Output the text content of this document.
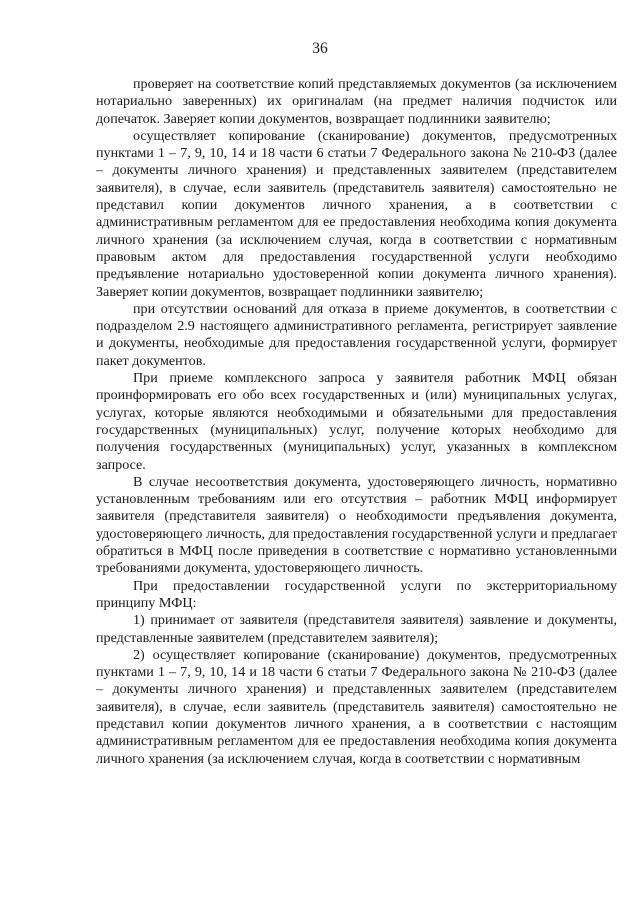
36

проверяет на соответствие копий представляемых документов (за исключением нотариально заверенных) их оригиналам (на предмет наличия подчисток или допечаток. Заверяет копии документов, возвращает подлинники заявителю;

осуществляет копирование (сканирование) документов, предусмотренных пунктами 1 – 7, 9, 10, 14 и 18 части 6 статьи 7 Федерального закона № 210-ФЗ (далее – документы личного хранения) и представленных заявителем (представителем заявителя), в случае, если заявитель (представитель заявителя) самостоятельно не представил копии документов личного хранения, а в соответствии с административным регламентом для ее предоставления необходима копия документа личного хранения (за исключением случая, когда в соответствии с нормативным правовым актом для предоставления государственной услуги необходимо предъявление нотариально удостоверенной копии документа личного хранения). Заверяет копии документов, возвращает подлинники заявителю;

при отсутствии оснований для отказа в приеме документов, в соответствии с подразделом 2.9 настоящего административного регламента, регистрирует заявление и документы, необходимые для предоставления государственной услуги, формирует пакет документов.

При приеме комплексного запроса у заявителя работник МФЦ обязан проинформировать его обо всех государственных и (или) муниципальных услугах, услугах, которые являются необходимыми и обязательными для предоставления государственных (муниципальных) услуг, получение которых необходимо для получения государственных (муниципальных) услуг, указанных в комплексном запросе.

В случае несоответствия документа, удостоверяющего личность, нормативно установленным требованиям или его отсутствия – работник МФЦ информирует заявителя (представителя заявителя) о необходимости предъявления документа, удостоверяющего личность, для предоставления государственной услуги и предлагает обратиться в МФЦ после приведения в соответствие с нормативно установленными требованиями документа, удостоверяющего личность.

При предоставлении государственной услуги по экстерриториальному принципу МФЦ:

1) принимает от заявителя (представителя заявителя) заявление и документы, представленные заявителем (представителем заявителя);

2) осуществляет копирование (сканирование) документов, предусмотренных пунктами 1 – 7, 9, 10, 14 и 18 части 6 статьи 7 Федерального закона № 210-ФЗ (далее – документы личного хранения) и представленных заявителем (представителем заявителя), в случае, если заявитель (представитель заявителя) самостоятельно не представил копии документов личного хранения, а в соответствии с настоящим административным регламентом для ее предоставления необходима копия документа личного хранения (за исключением случая, когда в соответствии с нормативным
